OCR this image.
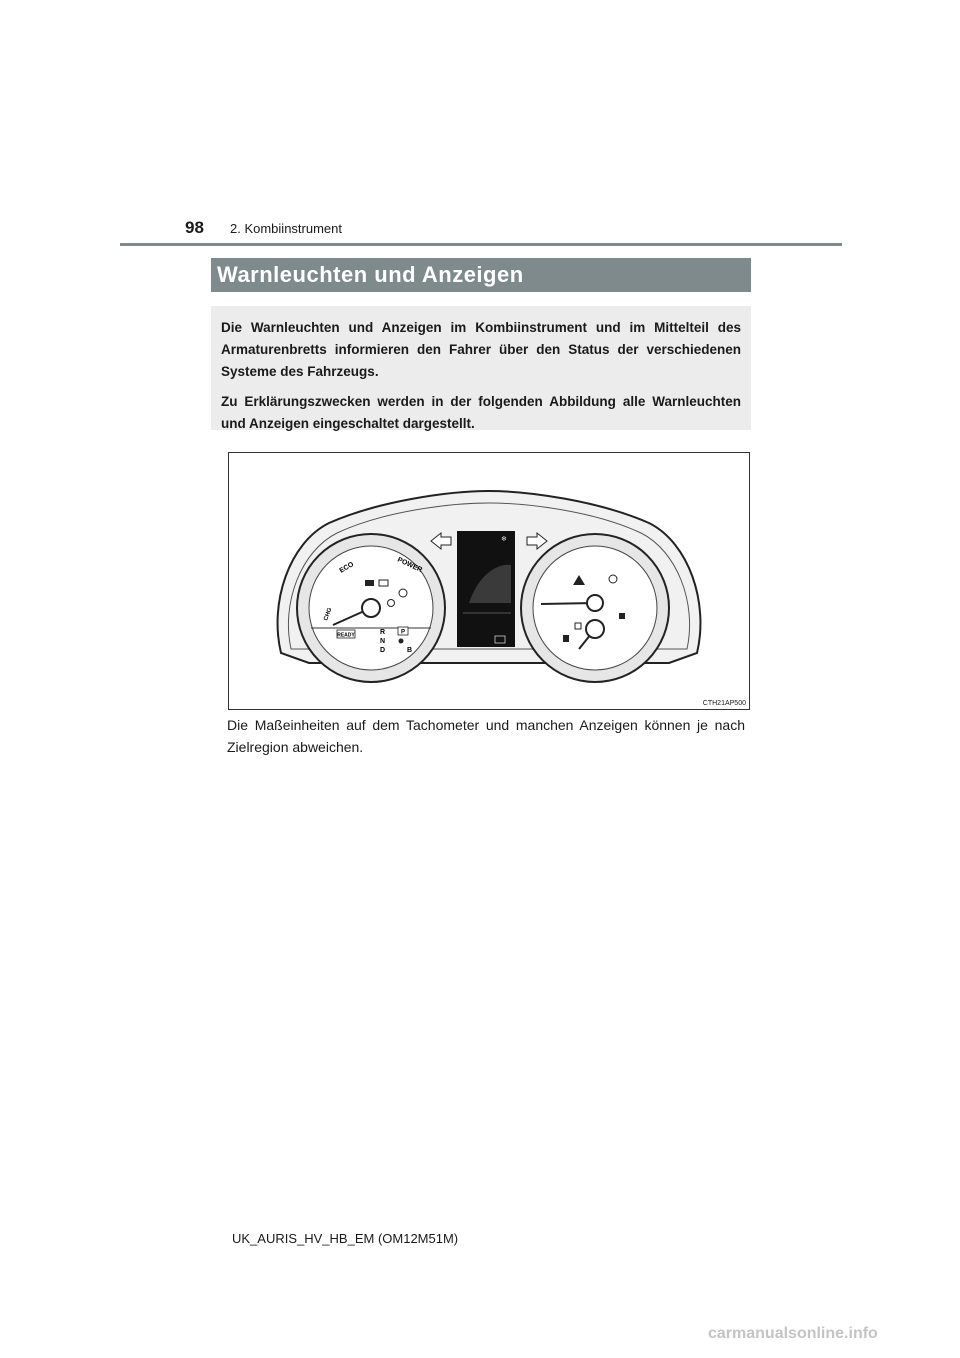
98 2. Kombiinstrument
Warnleuchten und Anzeigen

Die Warnleuchten und Anzeigen im Kombiinstrument und im Mittelteil des Armaturenbretts informieren den Fahrer über den Status der verschiedenen Systeme des Fahrzeugs.

Zu Erklärungszwecken werden in der folgenden Abbildung alle Warnleuchten und Anzeigen eingeschaltet dargestellt.

ECO	POWER
CHG
READY	R
N
D	B
P
❄
CTH21AP500
Die Maßeinheiten auf dem Tachometer und manchen Anzeigen können je nach Zielregion abweichen.
UK_AURIS_HV_HB_EM (OM12M51M)
carmanualsonline.info
